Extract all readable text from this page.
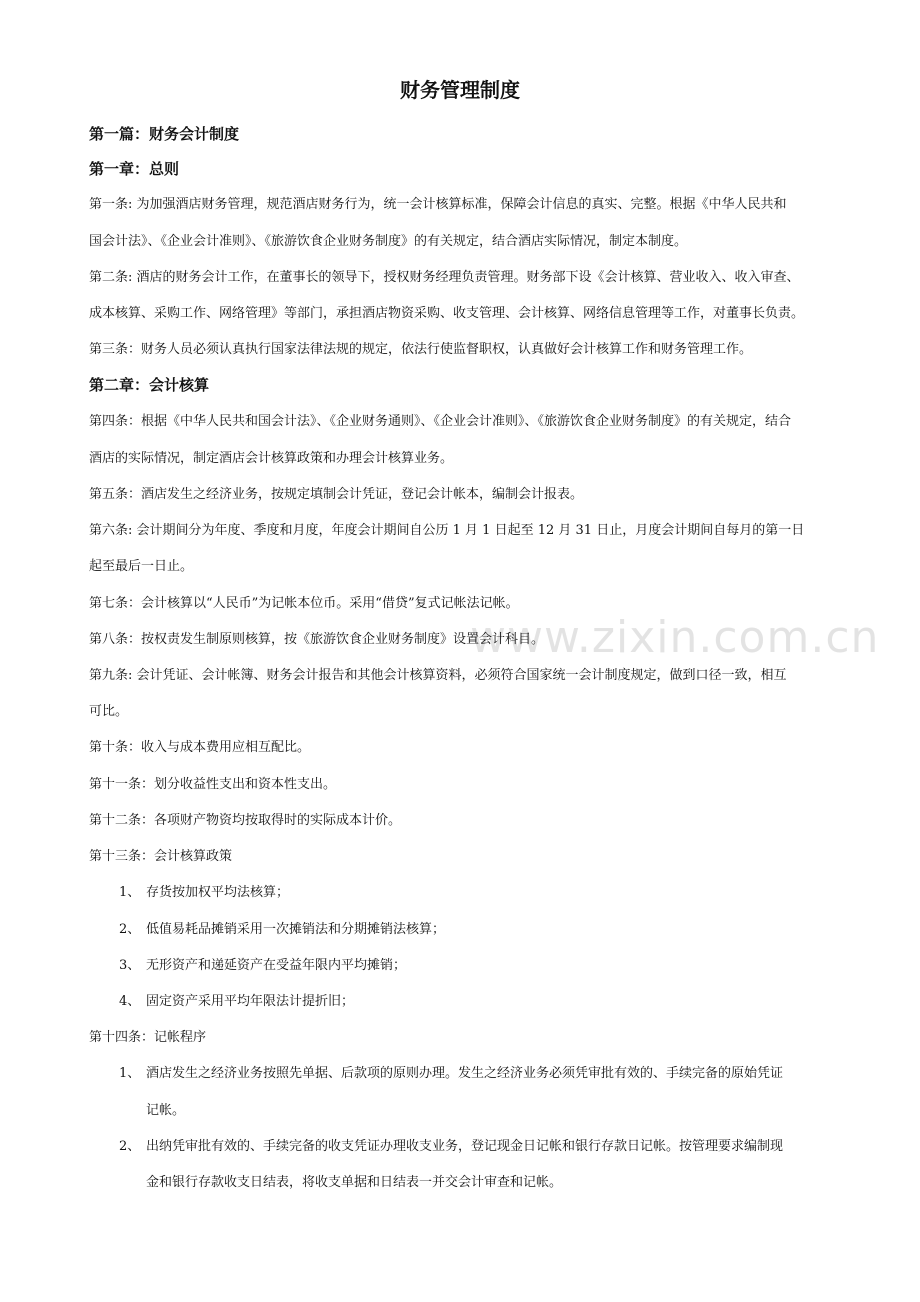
www.zixin.com.cn
财务管理制度
第一篇：财务会计制度
第一章：总则
第一条: 为加强酒店财务管理，规范酒店财务行为，统一会计核算标准，保障会计信息的真实、完整。根据《中华人民共和
国会计法》、《企业会计准则》、《旅游饮食企业财务制度》的有关规定，结合酒店实际情况，制定本制度。
第二条: 酒店的财务会计工作，在董事长的领导下，授权财务经理负责管理。财务部下设《会计核算、营业收入、收入审查、
成本核算、采购工作、网络管理》等部门，承担酒店物资采购、收支管理、会计核算、网络信息管理等工作，对董事长负责。
第三条：财务人员必须认真执行国家法律法规的规定，依法行使监督职权，认真做好会计核算工作和财务管理工作。
第二章：会计核算
第四条：根据《中华人民共和国会计法》、《企业财务通则》、《企业会计准则》、《旅游饮食企业财务制度》的有关规定，结合
酒店的实际情况，制定酒店会计核算政策和办理会计核算业务。
第五条：酒店发生之经济业务，按规定填制会计凭证，登记会计帐本，编制会计报表。
第六条: 会计期间分为年度、季度和月度，年度会计期间自公历 1 月 1 日起至 12 月 31 日止，月度会计期间自每月的第一日
起至最后一日止。
第七条：会计核算以“人民币”为记帐本位币。采用“借贷”复式记帐法记帐。
第八条：按权责发生制原则核算，按《旅游饮食企业财务制度》设置会计科目。
第九条: 会计凭证、会计帐簿、财务会计报告和其他会计核算资料，必须符合国家统一会计制度规定，做到口径一致，相互
可比。
第十条：收入与成本费用应相互配比。
第十一条：划分收益性支出和资本性支出。
第十二条：各项财产物资均按取得时的实际成本计价。
第十三条：会计核算政策
1、 存货按加权平均法核算；
2、 低值易耗品摊销采用一次摊销法和分期摊销法核算；
3、 无形资产和递延资产在受益年限内平均摊销；
4、 固定资产采用平均年限法计提折旧；
第十四条：记帐程序
1、 酒店发生之经济业务按照先单据、后款项的原则办理。发生之经济业务必须凭审批有效的、手续完备的原始凭证
记帐。
2、 出纳凭审批有效的、手续完备的收支凭证办理收支业务，登记现金日记帐和银行存款日记帐。按管理要求编制现
金和银行存款收支日结表，将收支单据和日结表一并交会计审查和记帐。
